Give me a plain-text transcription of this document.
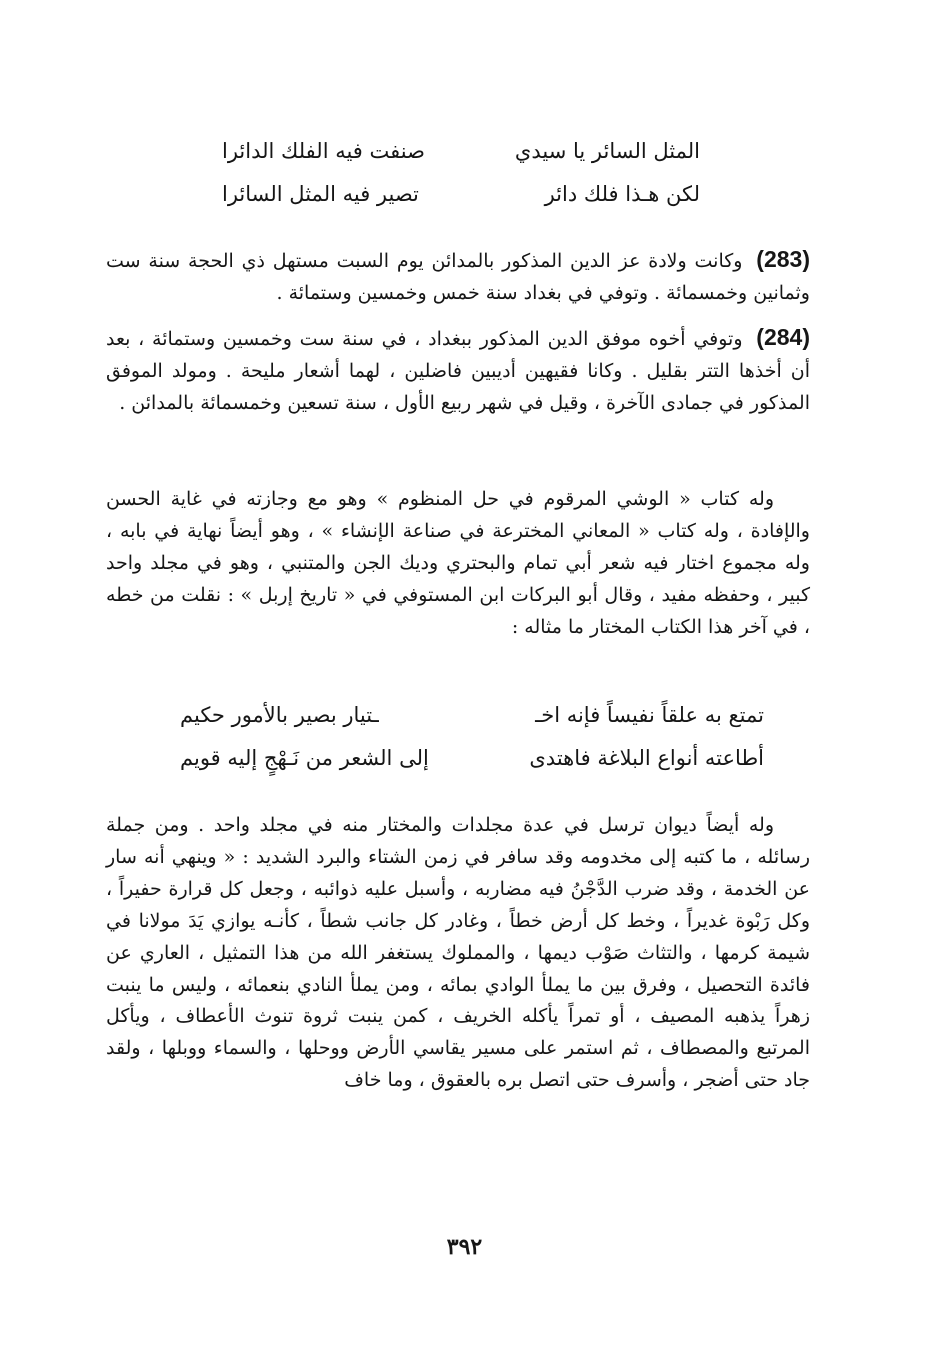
المثل السائر يا سيدي
صنفت فيه الفلك الدائرا
لكن هـذا فلك دائر
تصير فيه المثل السائرا
(283) وكانت ولادة عز الدين المذكور بالمدائن يوم السبت مستهل ذي الحجة سنة ست وثمانين وخمسمائة . وتوفي في بغداد سنة خمس وخمسين وستمائة .
(284) وتوفي أخوه موفق الدين المذكور ببغداد ، في سنة ست وخمسين وستمائة ، بعد أن أخذها التتر بقليل . وكانا فقيهين أديبين فاضلين ، لهما أشعار مليحة . ومولد الموفق المذكور في جمادى الآخرة ، وقيل في شهر ربيع الأول ، سنة تسعين وخمسمائة بالمدائن .
وله كتاب « الوشي المرقوم في حل المنظوم » وهو مع وجازته في غاية الحسن والإفادة ، وله كتاب « المعاني المخترعة في صناعة الإنشاء » ، وهو أيضاً نهاية في بابه ، وله مجموع اختار فيه شعر أبي تمام والبحتري وديك الجن والمتنبي ، وهو في مجلد واحد كبير ، وحفظه مفيد ، وقال أبو البركات ابن المستوفي في « تاريخ إربل » : نقلت من خطه ، في آخر هذا الكتاب المختار ما مثاله :
تمتع به علقاً نفيساً فإنه اخـ
ـتيار بصير بالأمور حكيم
أطاعته أنواع البلاغة فاهتدى
إلى الشعر من نَـهْجٍ إليه قويم
وله أيضاً ديوان ترسل في عدة مجلدات والمختار منه في مجلد واحد . ومن جملة رسائله ، ما كتبه إلى مخدومه وقد سافر في زمن الشتاء والبرد الشديد : « وينهي أنه سار عن الخدمة ، وقد ضرب الدَّجْنُ فيه مضاربه ، وأسبل عليه ذوائبه ، وجعل كل قرارة حفيراً ، وكل رَبْوة غديراً ، وخط كل أرض خطاً ، وغادر كل جانب شطاً ، كأنـه يوازي يَدَ مولانا في شيمة كرمها ، والتثاث صَوْب ديمها ، والمملوك يستغفر الله من هذا التمثيل ، العاري عن فائدة التحصيل ، وفرق بين ما يملأ الوادي بمائه ، ومن يملأ النادي بنعمائه ، وليس ما ينبت زهراً يذهبه المصيف ، أو تمراً يأكله الخريف ، كمن ينبت ثروة تنوث الأعطاف ، ويأكل المرتبع والمصطاف ، ثم استمر على مسير يقاسي الأرض ووحلها ، والسماء ووبلها ، ولقد جاد حتى أضجر ، وأسرف حتى اتصل بره بالعقوق ، وما خاف
٣٩٢
